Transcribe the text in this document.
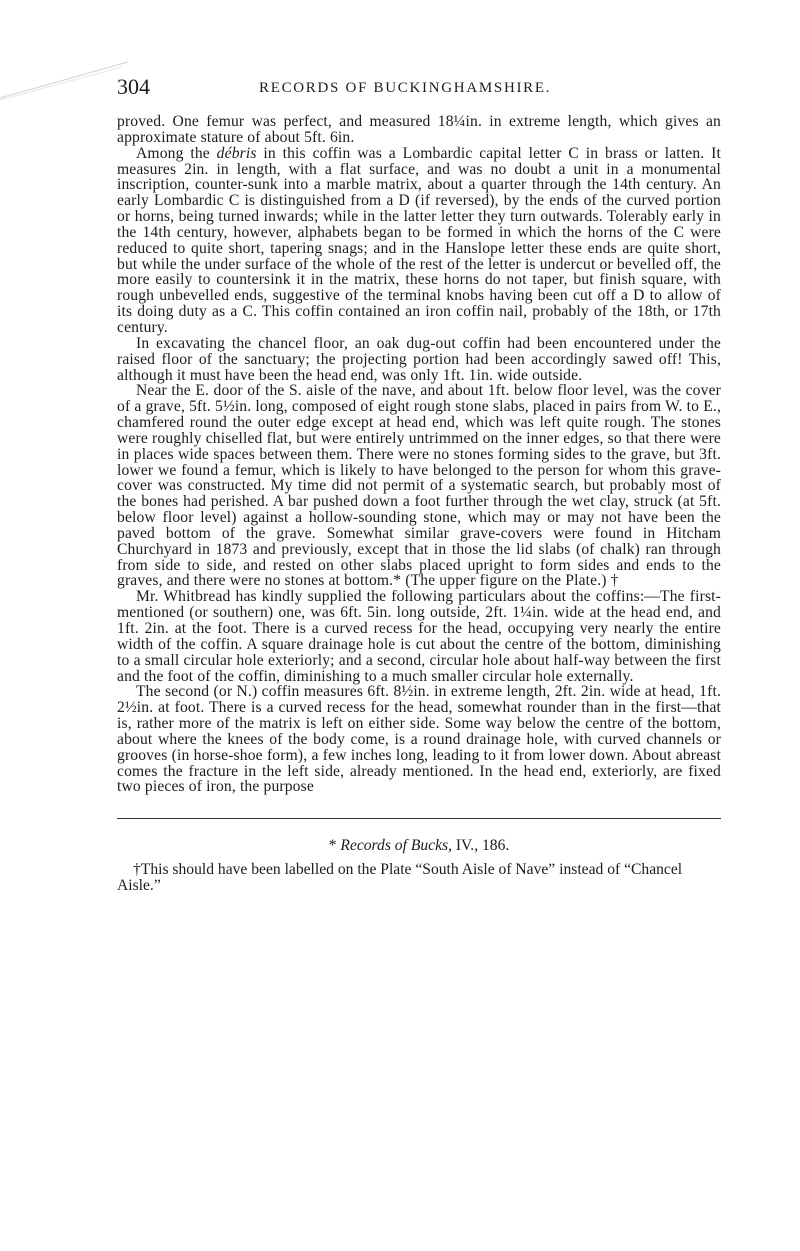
304	RECORDS OF BUCKINGHAMSHIRE.

proved. One femur was perfect, and measured 18¼in. in extreme length, which gives an approximate stature of about 5ft. 6in.

Among the débris in this coffin was a Lombardic capital letter C in brass or latten. It measures 2in. in length, with a flat surface, and was no doubt a unit in a monumental inscription, counter-sunk into a marble matrix, about a quarter through the 14th century. An early Lombardic C is distinguished from a D (if reversed), by the ends of the curved portion or horns, being turned inwards; while in the latter letter they turn outwards. Tolerably early in the 14th century, however, alphabets began to be formed in which the horns of the C were reduced to quite short, tapering snags; and in the Hanslope letter these ends are quite short, but while the under surface of the whole of the rest of the letter is undercut or bevelled off, the more easily to countersink it in the matrix, these horns do not taper, but finish square, with rough unbevelled ends, suggestive of the terminal knobs having been cut off a D to allow of its doing duty as a C. This coffin contained an iron coffin nail, probably of the 18th, or 17th century.

In excavating the chancel floor, an oak dug-out coffin had been encountered under the raised floor of the sanctuary; the projecting portion had been accordingly sawed off! This, although it must have been the head end, was only 1ft. 1in. wide outside.

Near the E. door of the S. aisle of the nave, and about 1ft. below floor level, was the cover of a grave, 5ft. 5½in. long, composed of eight rough stone slabs, placed in pairs from W. to E., chamfered round the outer edge except at head end, which was left quite rough. The stones were roughly chiselled flat, but were entirely untrimmed on the inner edges, so that there were in places wide spaces between them. There were no stones forming sides to the grave, but 3ft. lower we found a femur, which is likely to have belonged to the person for whom this grave-cover was constructed. My time did not permit of a systematic search, but probably most of the bones had perished. A bar pushed down a foot further through the wet clay, struck (at 5ft. below floor level) against a hollow-sounding stone, which may or may not have been the paved bottom of the grave. Somewhat similar grave-covers were found in Hitcham Churchyard in 1873 and previously, except that in those the lid slabs (of chalk) ran through from side to side, and rested on other slabs placed upright to form sides and ends to the graves, and there were no stones at bottom.* (The upper figure on the Plate.) †

Mr. Whitbread has kindly supplied the following particulars about the coffins:—The first-mentioned (or southern) one, was 6ft. 5in. long outside, 2ft. 1¼in. wide at the head end, and 1ft. 2in. at the foot. There is a curved recess for the head, occupying very nearly the entire width of the coffin. A square drainage hole is cut about the centre of the bottom, diminishing to a small circular hole exteriorly; and a second, circular hole about half-way between the first and the foot of the coffin, diminishing to a much smaller circular hole externally.

The second (or N.) coffin measures 6ft. 8½in. in extreme length, 2ft. 2in. wide at head, 1ft. 2½in. at foot. There is a curved recess for the head, somewhat rounder than in the first—that is, rather more of the matrix is left on either side. Some way below the centre of the bottom, about where the knees of the body come, is a round drainage hole, with curved channels or grooves (in horse-shoe form), a few inches long, leading to it from lower down. About abreast comes the fracture in the left side, already mentioned. In the head end, exteriorly, are fixed two pieces of iron, the purpose

* Records of Bucks, IV., 186.

†This should have been labelled on the Plate “South Aisle of Nave” instead of “Chancel Aisle.”
